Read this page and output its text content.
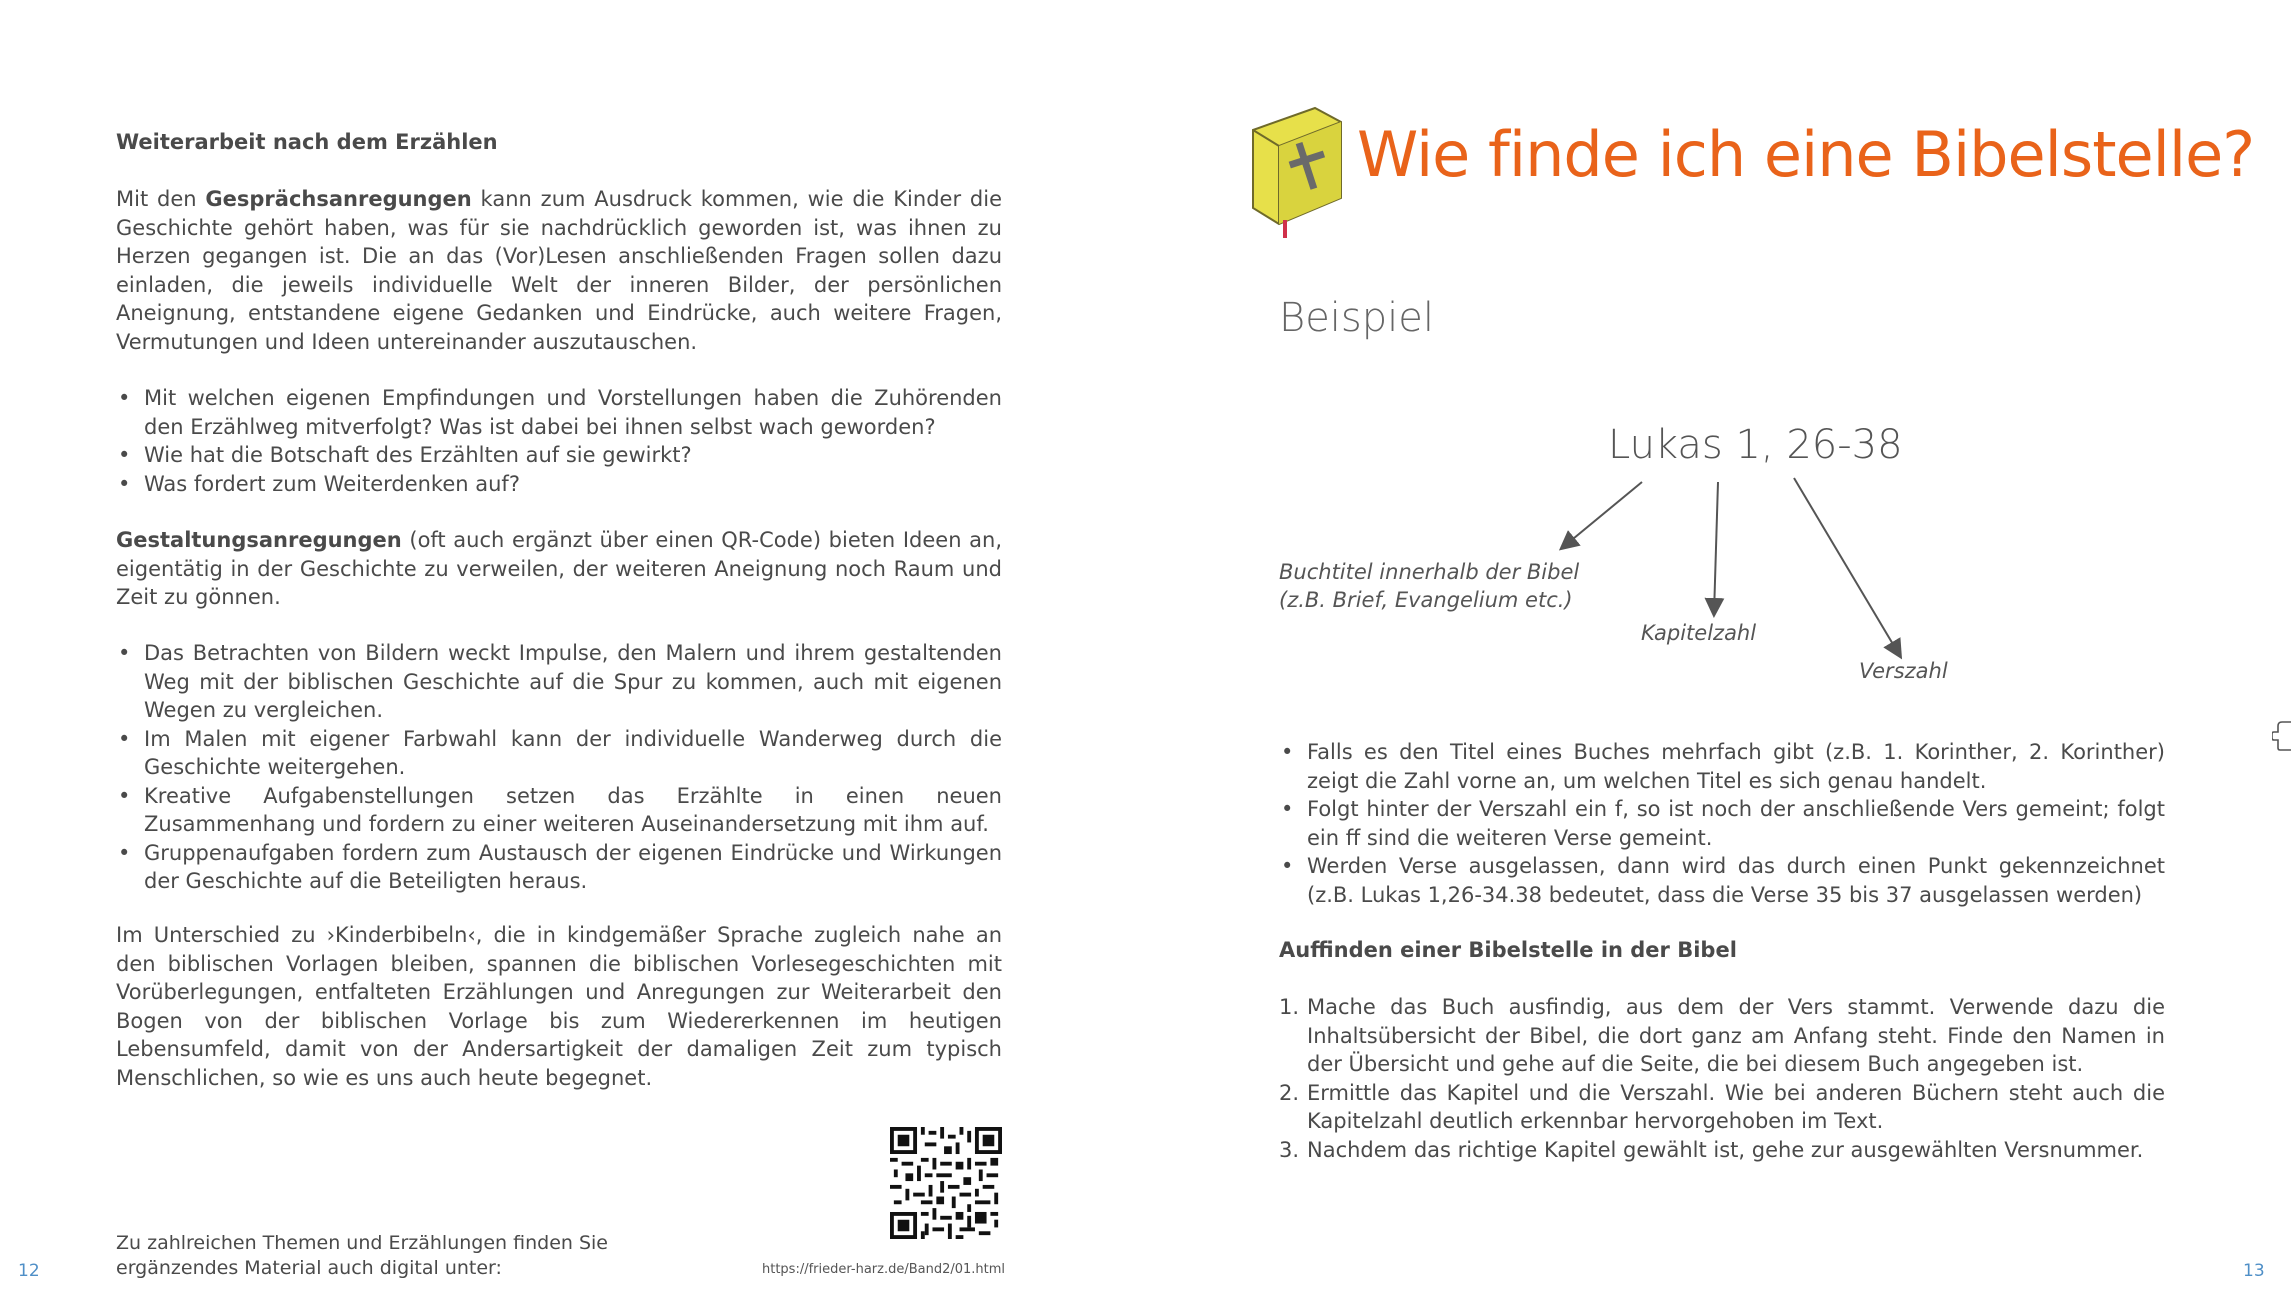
Weiterarbeit nach dem Erzählen
Mit den Gesprächsanregungen kann zum Ausdruck kommen, wie die Kinder die Geschichte gehört haben, was für sie nachdrücklich geworden ist, was ihnen zu Herzen gegangen ist. Die an das (Vor)Lesen anschließenden Fragen sollen dazu einladen, die jeweils individuelle Welt der inneren Bilder, der persönlichen Aneignung, entstandene eigene Gedanken und Eindrücke, auch weitere Fragen, Vermutungen und Ideen untereinander auszutauschen.
• Mit welchen eigenen Empfindungen und Vorstellungen haben die Zuhörenden den Erzählweg mitverfolgt? Was ist dabei bei ihnen selbst wach geworden?
• Wie hat die Botschaft des Erzählten auf sie gewirkt?
• Was fordert zum Weiterdenken auf?
Gestaltungsanregungen (oft auch ergänzt über einen QR-Code) bieten Ideen an, eigentätig in der Geschichte zu verweilen, der weiteren Aneignung noch Raum und Zeit zu gönnen.
• Das Betrachten von Bildern weckt Impulse, den Malern und ihrem gestaltenden Weg mit der biblischen Geschichte auf die Spur zu kommen, auch mit eigenen Wegen zu vergleichen.
• Im Malen mit eigener Farbwahl kann der individuelle Wanderweg durch die Geschichte weitergehen.
• Kreative Aufgabenstellungen setzen das Erzählte in einen neuen Zusammenhang und fordern zu einer weiteren Auseinandersetzung mit ihm auf.
• Gruppenaufgaben fordern zum Austausch der eigenen Eindrücke und Wirkungen der Geschichte auf die Beteiligten heraus.
Im Unterschied zu ›Kinderbibeln‹, die in kindgemäßer Sprache zugleich nahe an den biblischen Vorlagen bleiben, spannen die biblischen Vorlesegeschichten mit Vorüberlegungen, entfalteten Erzählungen und Anregungen zur Weiterarbeit den Bogen von der biblischen Vorlage bis zum Wiedererkennen im heutigen Lebensumfeld, damit von der Andersartigkeit der damaligen Zeit zum typisch Menschlichen, so wie es uns auch heute begegnet.
Zu zahlreichen Themen und Erzählungen finden Sie
ergänzendes Material auch digital unter:	https://frieder-harz.de/Band2/01.html
12
Wie finde ich eine Bibelstelle?
Beispiel
Lukas 1, 26-38
Buchtitel innerhalb der Bibel
(z.B. Brief, Evangelium etc.)
Kapitelzahl
Verszahl
• Falls es den Titel eines Buches mehrfach gibt (z.B. 1. Korinther, 2. Korinther) zeigt die Zahl vorne an, um welchen Titel es sich genau handelt.
• Folgt hinter der Verszahl ein f, so ist noch der anschließende Vers gemeint; folgt ein ff sind die weiteren Verse gemeint.
• Werden Verse ausgelassen, dann wird das durch einen Punkt gekennzeichnet (z.B. Lukas 1,26-34.38 bedeutet, dass die Verse 35 bis 37 ausgelassen werden)
Auffinden einer Bibelstelle in der Bibel
1. Mache das Buch ausfindig, aus dem der Vers stammt. Verwende dazu die Inhaltsübersicht der Bibel, die dort ganz am Anfang steht. Finde den Namen in der Übersicht und gehe auf die Seite, die bei diesem Buch angegeben ist.
2. Ermittle das Kapitel und die Verszahl. Wie bei anderen Büchern steht auch die Kapitelzahl deutlich erkennbar hervorgehoben im Text.
3. Nachdem das richtige Kapitel gewählt ist, gehe zur ausgewählten Versnummer.
13
